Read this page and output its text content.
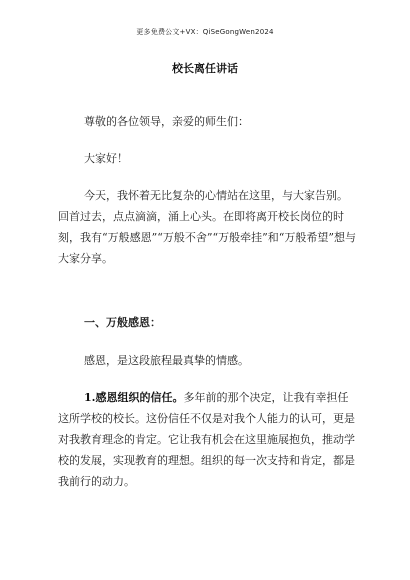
更多免费公文+VX：QiSeGongWen2024
校长离任讲话

尊敬的各位领导，亲爱的师生们：

大家好！

今天，我怀着无比复杂的心情站在这里，与大家告别。回首过去，点点滴滴，涌上心头。在即将离开校长岗位的时刻，我有“万般感恩”“万般不舍”“万般牵挂”和“万般希望”想与大家分享。

一、万般感恩：

感恩，是这段旅程最真挚的情感。

1.感恩组织的信任。多年前的那个决定，让我有幸担任这所学校的校长。这份信任不仅是对我个人能力的认可，更是对我教育理念的肯定。它让我有机会在这里施展抱负，推动学校的发展，实现教育的理想。组织的每一次支持和肯定，都是我前行的动力。
